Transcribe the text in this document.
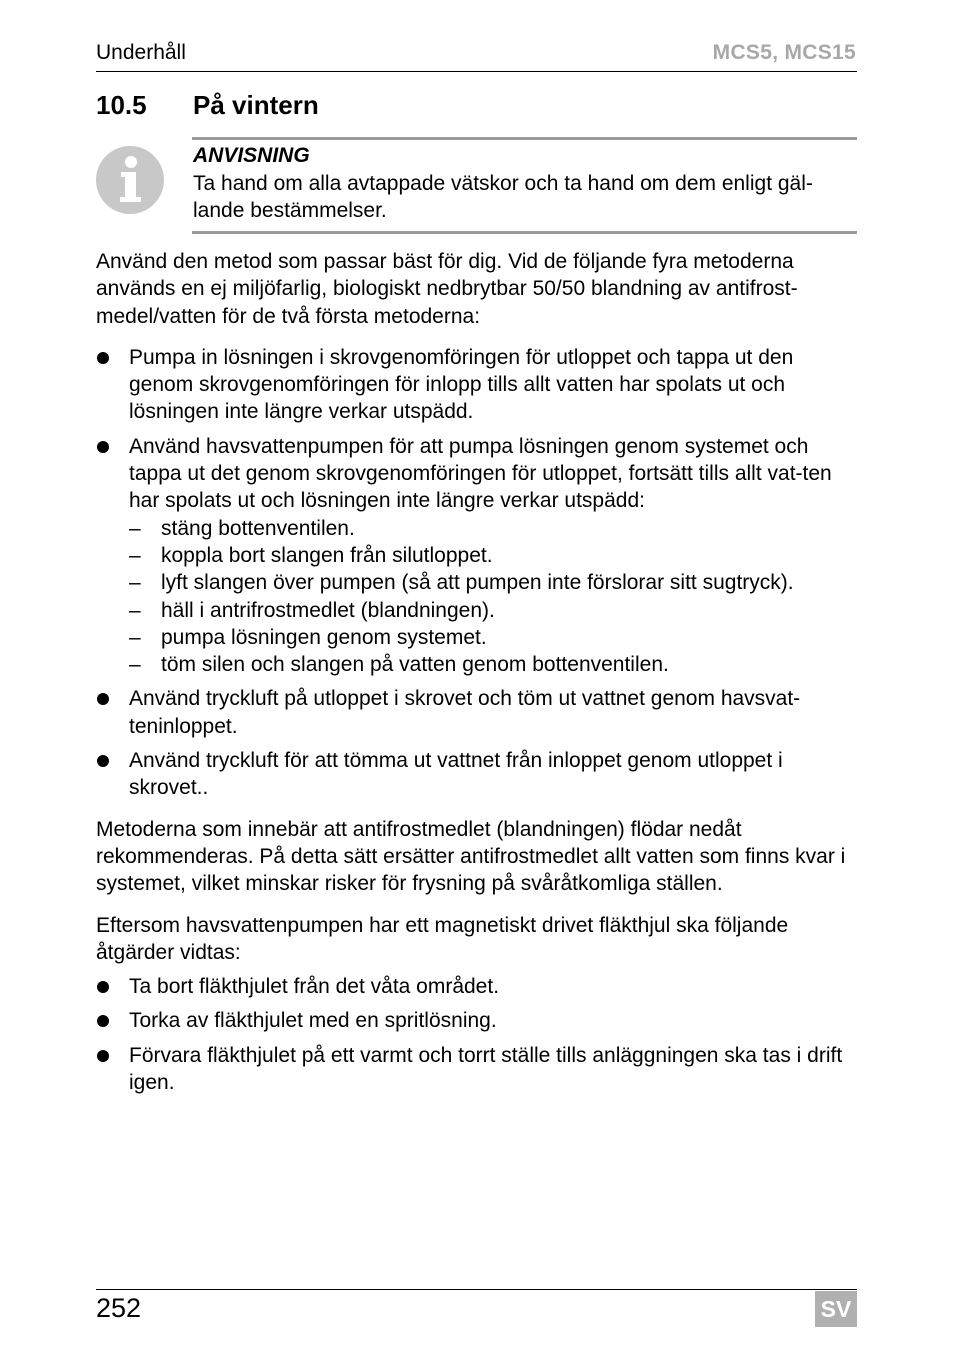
Underhåll	MCS5, MCS15
10.5 På vintern
ANVISNING
Ta hand om alla avtappade vätskor och ta hand om dem enligt gäl-lande bestämmelser.

Använd den metod som passar bäst för dig. Vid de följande fyra metoderna används en ej miljöfarlig, biologiskt nedbrytbar 50/50 blandning av antifrost-medel/vatten för de två första metoderna:

Pumpa in lösningen i skrovgenomföringen för utloppet och tappa ut den genom skrovgenomföringen för inlopp tills allt vatten har spolats ut och lösningen inte längre verkar utspädd.
Använd havsvattenpumpen för att pumpa lösningen genom systemet och tappa ut det genom skrovgenomföringen för utloppet, fortsätt tills allt vat-ten har spolats ut och lösningen inte längre verkar utspädd:
– stäng bottenventilen.
– koppla bort slangen från silutloppet.
– lyft slangen över pumpen (så att pumpen inte förslorar sitt sugtryck).
– häll i antrifrostmedlet (blandningen).
– pumpa lösningen genom systemet.
– töm silen och slangen på vatten genom bottenventilen.
Använd tryckluft på utloppet i skrovet och töm ut vattnet genom havsvat-teninloppet.
Använd tryckluft för att tömma ut vattnet från inloppet genom utloppet i skrovet..

Metoderna som innebär att antifrostmedlet (blandningen) flödar nedåt rekommenderas. På detta sätt ersätter antifrostmedlet allt vatten som finns kvar i systemet, vilket minskar risker för frysning på svåråtkomliga ställen.

Eftersom havsvattenpumpen har ett magnetiskt drivet fläkthjul ska följande åtgärder vidtas:

Ta bort fläkthjulet från det våta området.
Torka av fläkthjulet med en spritlösning.
Förvara fläkthjulet på ett varmt och torrt ställe tills anläggningen ska tas i drift igen.
252	SV
